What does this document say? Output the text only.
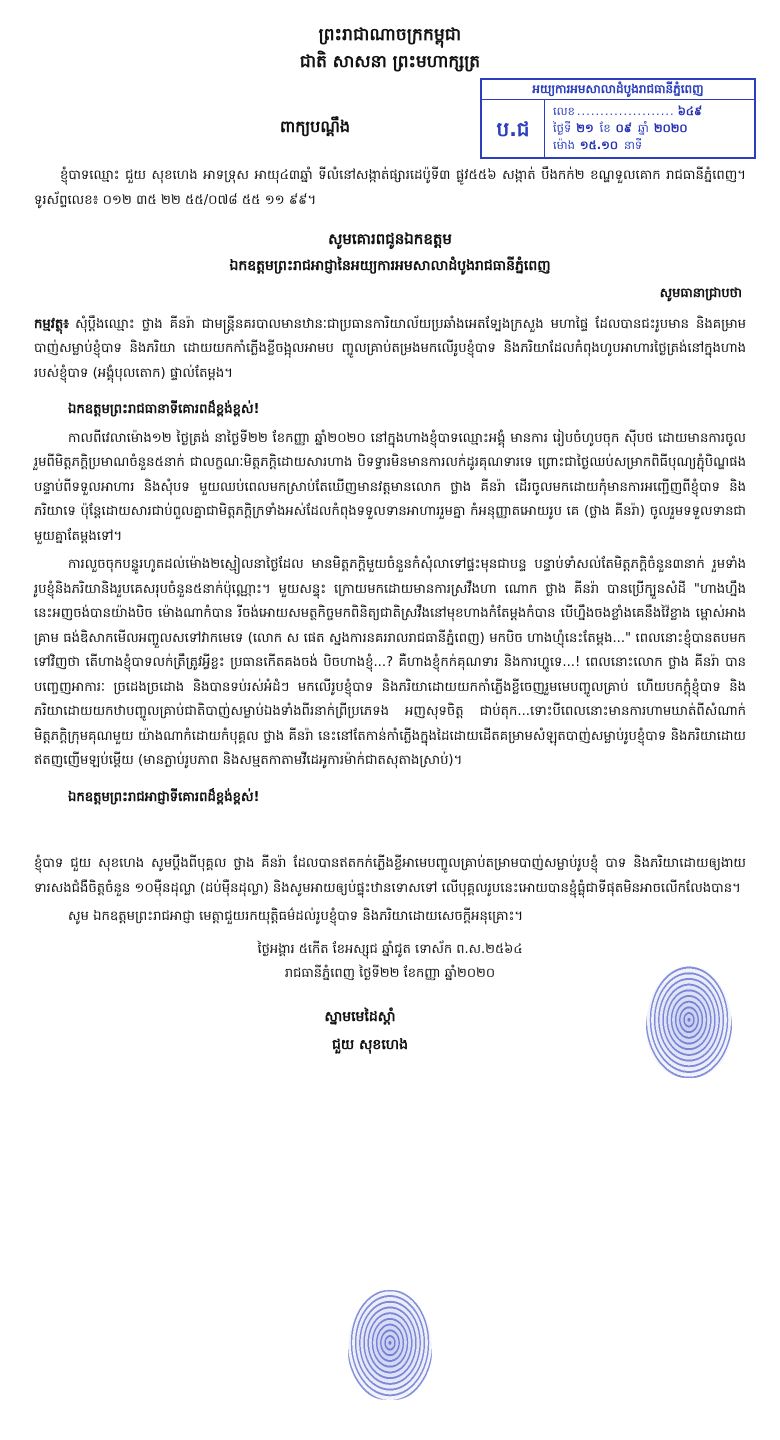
ព្រះរាជាណាចក្រកម្ពុជា
ជាតិ សាសនា ព្រះមហាក្សត្រ
ពាក្យបណ្ដឹង
អយ្យការអមសាលាដំបូងរាជធានីភ្នំពេញ
ប.ជ
លេខ ..................... ៦៤៩
ថ្ងៃទី ២១ ខែ ០៩ ឆ្នាំ ២០២០
ម៉ោង ១៥.១០ នាទី

ខ្ញុំបាទឈ្មោះ ជួយ សុខហេង អាទទ្រុស អាយុ៤៣ឆ្នាំ ទីលំនៅសង្កាត់ផ្សារដេប៉ូទី៣ ផ្លូវ៥៥៦ សង្កាត់ បឹងកក់២ ខណ្ឌទួលគោក រាជធានីភ្នំពេញ។ ទូរស័ព្ទលេខ៖ ០១២ ៣៥ ២២ ៥៥/០៧៨ ៥៥ ១១ ៩៩។

សូមគោរពជូនឯកឧត្ដម
ឯកឧត្ដមព្រះរាជអាជ្ញានៃអយ្យការអមសាលាដំបូងរាជធានីភ្នំពេញ
សូមធានាជ្រាបថា
កម្មវត្ថុ៖ សុំប្ដឹងឈ្មោះ ថ្លាង គីនរ៉ា ជាមន្ត្រីនគរបាលមានឋានៈជាប្រធានការិយាល័យប្រឆាំងអេតទ្បែងក្រសួង មហាផ្ទៃ ដែលបានជះរូបមាន និងគម្រាមបាញ់សម្លាប់ខ្ញុំបាទ និងភរិយា ដោយយកកាំភ្លើងខ្លីចង្អុលអាមប ញ្ចូលគ្រាប់តម្រងមកលើរូបខ្ញុំបាទ និងភរិយាដែលកំពុងហូបអាហារថ្ងៃត្រង់នៅក្នុងហាងរបស់ខ្ញុំបាទ (អង្គុំបុលតោក) ផ្ទាល់តែម្ដង។

ឯកឧត្ដមព្រះរាជធានាទីគោរពដ៏ខ្ពង់ខ្ពស់!

កាលពីវេលាម៉ោង១២ ថ្ងៃត្រង់ នាថ្ងៃទី២២ ខែកញ្ញា ឆ្នាំ២០២០ នៅក្នុងហាងខ្ញុំបាទឈ្មោះអង្គុំ មានការ រៀបចំហូបចុក ស៊ីបថ ដោយមានការចូលរួមពីមិត្តភក្ដិប្រមាណចំនួន៥នាក់ ជាលក្ខណៈមិត្តភក្ដិដោយសារហាង បិទទ្វារមិនមានការលក់ដូរគុណទារទេ ព្រោះជាថ្ងៃឈប់សម្រាកពិធីបុណ្យភ្ជុំបិណ្ឌផងបន្ទាប់ពីទទួលអាហារ និងសុំបទ មួយឈប់ពេលមកស្រាប់តែឃើញមានវត្តមានលោក ថ្លាង គីនរ៉ា ដើរចូលមកដោយកុំមានការអញ្ជើញពីខ្ញុំបាទ និង ភរិយាទេ ប៉ុន្តែដោយសារជាប់ពួលគ្នាជាមិត្តភក្ដិក្រទាំងអស់ដែលកំពុងទទួលទានអាហាររួមគ្នា កំអនុញ្ញាតអោយរូប គេ (ថ្លាង គីនរ៉ា) ចូលរួមទទួលទានជាមួយគ្នាតែម្ដងទៅ។

ការលួចចុកបន្ទូរហូតដល់ម៉ោង២ស្មៀលនាថ្ងៃដែល មានមិត្តភក្ដិមួយចំនួនកំសុំលាទៅផ្ទះមុនជាបន្ទ បន្ទាប់ទាំសល់តែមិត្តភក្ដិចំនួន៣នាក់ រួមទាំងរូបខ្ញុំនិងភរិយានិងរួបគេសរុបចំនួន៥នាក់ប៉ុណ្ណោះ។ មួយសន្ទុះ ក្រោយមកដោយមានការស្រវឹងហា ណោក ថ្លាង គីនរ៉ា បានប្រើក្បួនសំដី "ហាងហ្នឹងនេះអញចង់បានយ៉ាងបិច ម៉ោងណាកំបាន រីចង់អោយសមត្ថកិច្ចមកពិនិត្យជាតិស្រវឹងនៅមុខហាងកំតែម្ដងកំបាន បើហ្នឹងចងខ្លាំងគេនឹងវ៉ៃខ្លាង ម្ពោស់អាងគ្រាម ធង់ឌិសាកមើលអញ្ចួលសទៅវាកមេទេ (លោក ស ផេត ស្នងការនគររាលរាជធានីភ្នំពេញ) មកបិច ហាងហ្ញុំនេះតែម្ដង..." ពេលនោះខ្ញុំបានតបមកទៅវិញថា តើហាងខ្ញុំបាទលក់ត្រឹត្រូវអ្វីខ្លះ ប្រធានកើតគងចង់ បិចហាងខ្ញុំ...? គឺហាងខ្ញុំកក់គុណទារ និងការហ្ហូទេ...! ពេលនោះលោក ថ្លាង គីនរ៉ា បានបញ្ចេញអាការៈ ច្រដេងច្រដោង និងបានទប់រស់អំដំៗ មកលើរូបខ្ញុំបាទ និងភរិយាដោយយកកាំភ្លើងខ្លីចេញរួមមេបញ្ចូលគ្រាប់ ហើយបកក្ដុំខ្ញុំបាទ និងភរិយាដោយយកឋាបញ្ចូលគ្រាប់ជាតិបាញ់សម្លាប់ឯងទាំងពីរនាក់ព្រីប្រភេទង អញសុទចិត្ត ជាប់តុក...ទោះបីពេលនោះមានការហាមឃាត់ពីសំណាក់មិត្តភក្ដិក្រុមគុណមួយ យ៉ាងណាកំដោយកំបុគ្គល ថ្លាង គីនរ៉ា នេះនៅតែកាន់កាំភ្លើងក្នុងដៃដោយដើតគម្រាមសំឡុតបាញ់សម្លាប់រូបខ្ញុំបាទ និងភរិយាដោយឥតញញើមឡប់ម្ដើយ (មានភ្លាប់រូបភាព និងសម្មតកាតាមវីដេអូការម៉ាក់ជាតសុតាងស្រាប់)។

ឯកឧត្ដមព្រះរាជអាជ្ញាទីគោរពដ៏ខ្ពង់ខ្ពស់!

ខ្ញុំបាទ ជួយ សុខហេង សូមប្ដឹងពីបុគ្គល ថ្លាង គីនរ៉ា ដែលបានឥតកក់ភ្លើងខ្លីអាមេបញ្ចូលគ្រាប់តម្រាមបាញ់សម្លាប់រូបខ្ញុំ បាទ និងភរិយាដោយឲ្យងាយទារសងជំងឺចិត្តចំនួន ១០មុឺនដុល្លា (ដប់មុឺនដុល្លា) និងសូមអាយឲ្យប់ផ្ទុះឋានទោសទៅ លើបុគ្គលរូបនេះអោយបានខ្ជុំធ្លុំជាទីផុតមិនអាចលើកលែងបាន។

សូម ឯកឧត្ដមព្រះរាជអាជ្ញា មេត្តាជួយរកយុត្តិធម៌ដល់រូបខ្ញុំបាទ និងភរិយាដោយសេចក្ដីអនុគ្រោះ។

ថ្ងៃអង្គារ ៥កើត ខែអស្សុជ ឆ្នាំជូត ទោស័ក ព.ស.២៥៦៤
រាជធានីភ្នំពេញ ថ្ងៃទី២២ ខែកញ្ញា ឆ្នាំ២០២០
ស្នាមមេដៃស្ដាំ
ជួយ សុខហេង
